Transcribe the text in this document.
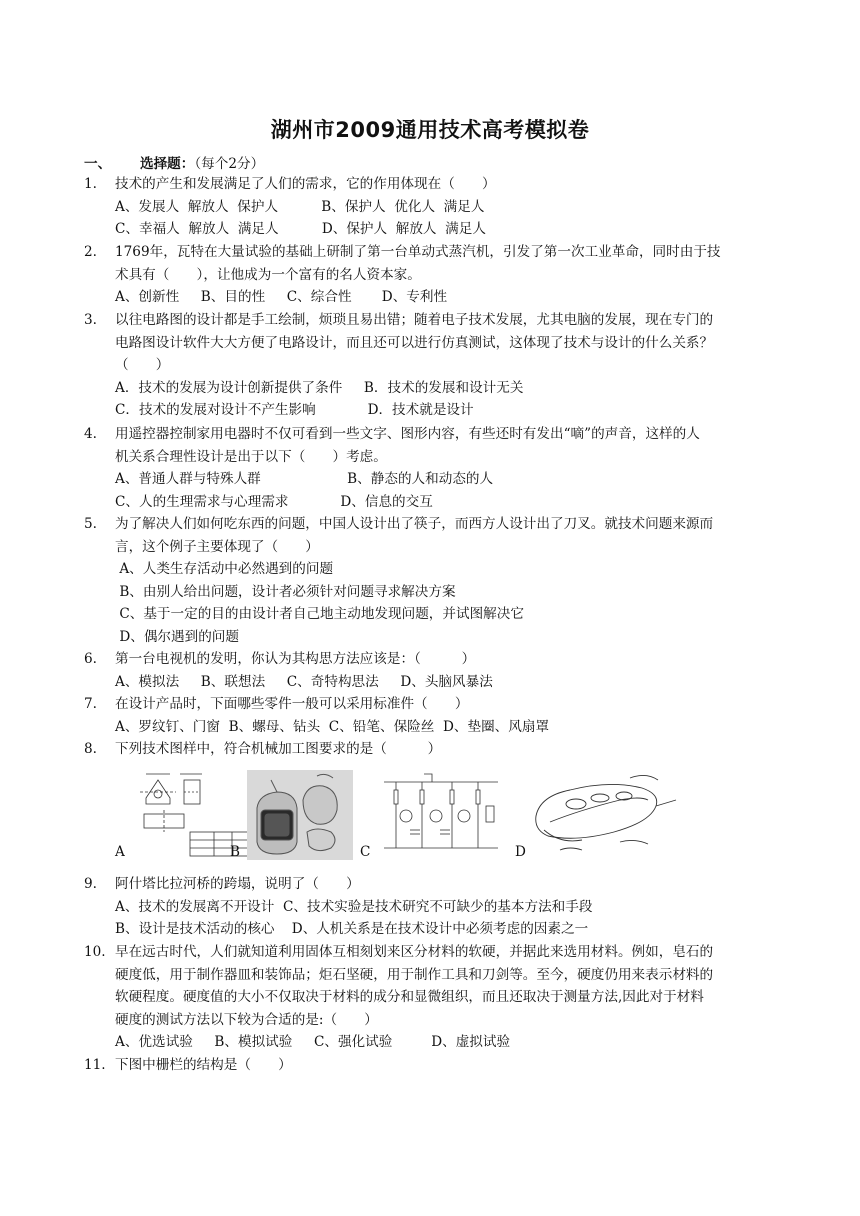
湖州市2009通用技术高考模拟卷
一、 选择题：（每个2分）
1.	技术的产生和发展满足了人们的需求，它的作用体现在（　　）
A、发展人  解放人  保护人          B、保护人  优化人  满足人
C、幸福人  解放人  满足人          D、保护人  解放人  满足人
2.	1769年，瓦特在大量试验的基础上研制了第一台单动式蒸汽机，引发了第一次工业革命，同时由于技
术具有（　　），让他成为一个富有的名人资本家。
A、创新性     B、目的性     C、综合性       D、专利性
3.	以往电路图的设计都是手工绘制，烦琐且易出错；随着电子技术发展，尤其电脑的发展，现在专门的
电路图设计软件大大方便了电路设计，而且还可以进行仿真测试，这体现了技术与设计的什么关系？
（　　）
A．技术的发展为设计创新提供了条件     B．技术的发展和设计无关
C．技术的发展对设计不产生影响            D．技术就是设计
4.	用遥控器控制家用电器时不仅可看到一些文字、图形内容，有些还时有发出“嘀”的声音，这样的人
机关系合理性设计是出于以下（　　）考虑。
A、普通人群与特殊人群                    B、静态的人和动态的人
C、人的生理需求与心理需求            D、信息的交互
5.	为了解决人们如何吃东西的问题，中国人设计出了筷子，而西方人设计出了刀叉。就技术问题来源而
言，这个例子主要体现了（　　）
A、人类生存活动中必然遇到的问题
B、由别人给出问题，设计者必须针对问题寻求解决方案
C、基于一定的目的由设计者自己地主动地发现问题，并试图解决它
D、偶尔遇到的问题
6.	第一台电视机的发明，你认为其构思方法应该是：（　　　）
A、模拟法     B、联想法     C、奇特构思法     D、头脑风暴法
7.	在设计产品时，下面哪些零件一般可以采用标准件（　　）
A、罗纹钉、门窗  B、螺母、钻头  C、铅笔、保险丝  D、垫圈、风扇罩
8.	下列技术图样中，符合机械加工图要求的是（　　　）
A	B	C	D
9.	阿什塔比拉河桥的跨塌，说明了（　　）
A、技术的发展离不开设计  C、技术实验是技术研究不可缺少的基本方法和手段
B、设计是技术活动的核心    D、人机关系是在技术设计中必须考虑的因素之一
10. 早在远古时代，人们就知道利用固体互相刻划来区分材料的软硬，并据此来选用材料。例如，皂石的
硬度低，用于制作器皿和装饰品；炬石坚硬，用于制作工具和刀剑等。至今，硬度仍用来表示材料的
软硬程度。硬度值的大小不仅取决于材料的成分和显微组织，而且还取决于测量方法,因此对于材料
硬度的测试方法以下较为合适的是:（　　）
A、优选试验     B、模拟试验     C、强化试验         D、虚拟试验
11. 下图中栅栏的结构是（　　）
